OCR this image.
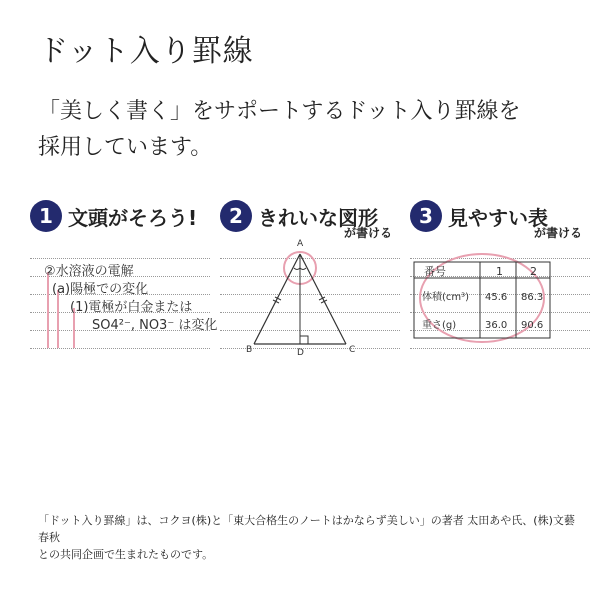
ドット入り罫線
「美しく書く」をサポートするドット入り罫線を
採用しています。
1 文頭がそろう!
②水溶液の電解
(a)陽極での変化
(1)電極が白金または
SO4²⁻, NO3⁻ は変化
2 きれいな図形
が書ける
A
B	C
D
3 見やすい表
が書ける
番号	1 2
体積(cm³) 45.6 86.3
重さ(g)	36.0 90.6
「ドット入り罫線」は、コクヨ(株)と「東大合格生のノートはかならず美しい」の著者 太田あや氏、(株)文藝春秋
との共同企画で生まれたものです。
